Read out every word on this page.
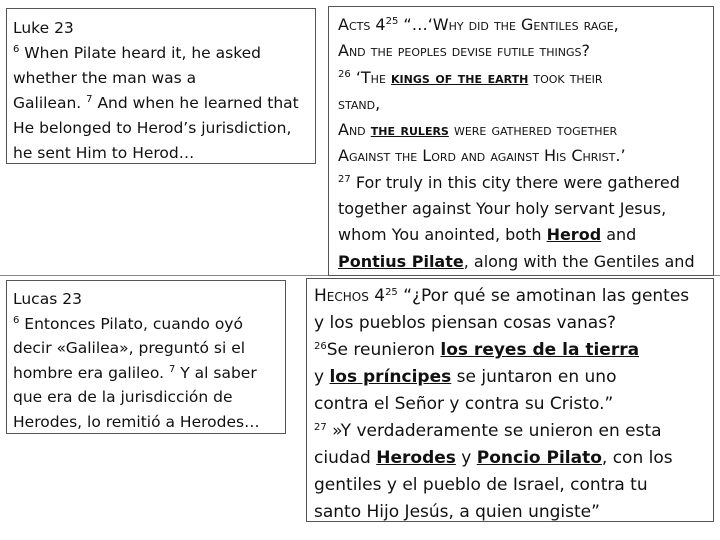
Luke 23
$^6$ When Pilate heard it, he asked
whether the man was a
Galilean. $^7$ And when he learned that
He belonged to Herod’s jurisdiction,
he sent Him to Herod…
Acts $4^{25}$ “…‘Why did the Gentiles rage,
And the peoples devise futile things?
$^{26}$ ‘The kings of the earth took their
stand,
And the rulers were gathered together
Against the Lord and against His Christ.’
$^{27}$ For truly in this city there were gathered
together against Your holy servant Jesus,
whom You anointed, both Herod and
Pontius Pilate, along with the Gentiles and
Lucas 23
$^6$ Entonces Pilato, cuando oyó
decir «Galilea», preguntó si el
hombre era galileo. $^7$ Y al saber
que era de la jurisdicción de
Herodes, lo remitió a Herodes…
Hechos $4^{25}$ “¿Por qué se amotinan las gentes
y los pueblos piensan cosas vanas?
$^{26}$Se reunieron los reyes de la tierra
y los príncipes se juntaron en uno
contra el Señor y contra su Cristo.”
$^{27}$ »Y verdaderamente se unieron en esta
ciudad Herodes y Poncio Pilato, con los
gentiles y el pueblo de Israel, contra tu
santo Hijo Jesús, a quien ungiste”
